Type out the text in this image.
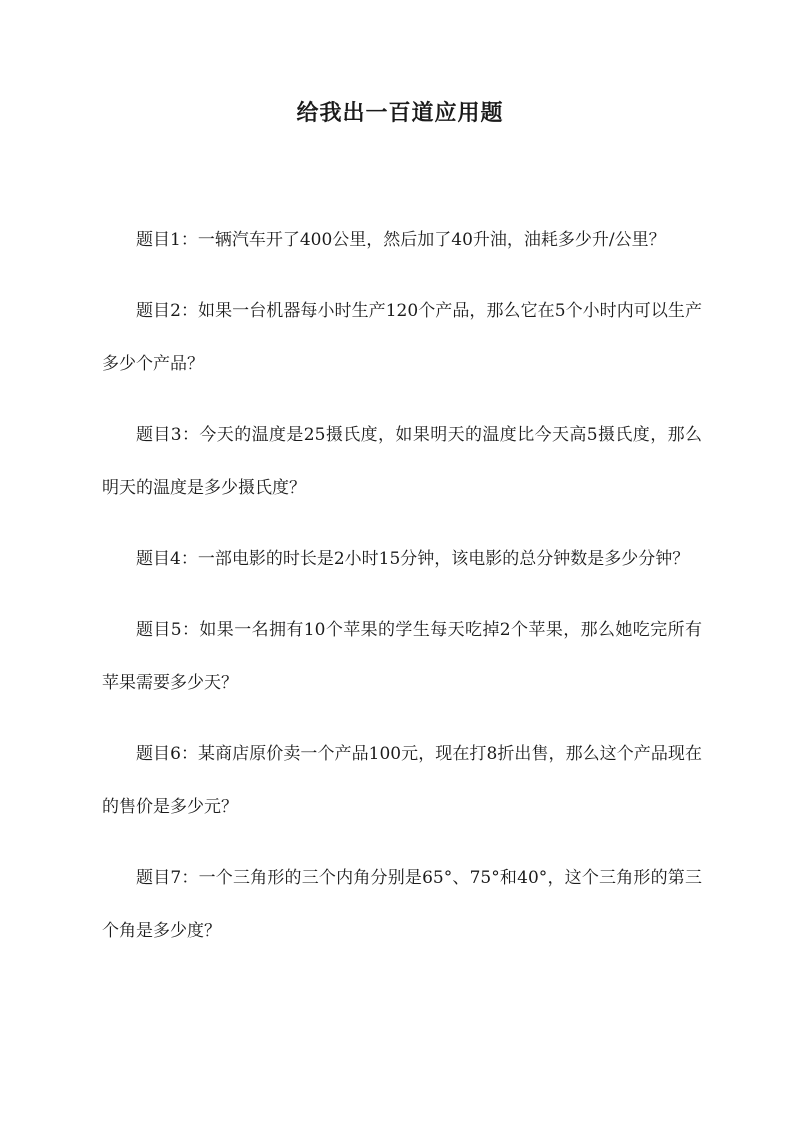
给我出一百道应用题
题目1：一辆汽车开了400公里，然后加了40升油，油耗多少升/公里？
题目2：如果一台机器每小时生产120个产品，那么它在5个小时内可以生产多少个产品？
题目3：今天的温度是25摄氏度，如果明天的温度比今天高5摄氏度，那么明天的温度是多少摄氏度？
题目4：一部电影的时长是2小时15分钟，该电影的总分钟数是多少分钟？
题目5：如果一名拥有10个苹果的学生每天吃掉2个苹果，那么她吃完所有苹果需要多少天？
题目6：某商店原价卖一个产品100元，现在打8折出售，那么这个产品现在的售价是多少元？
题目7：一个三角形的三个内角分别是65°、75°和40°，这个三角形的第三个角是多少度？
